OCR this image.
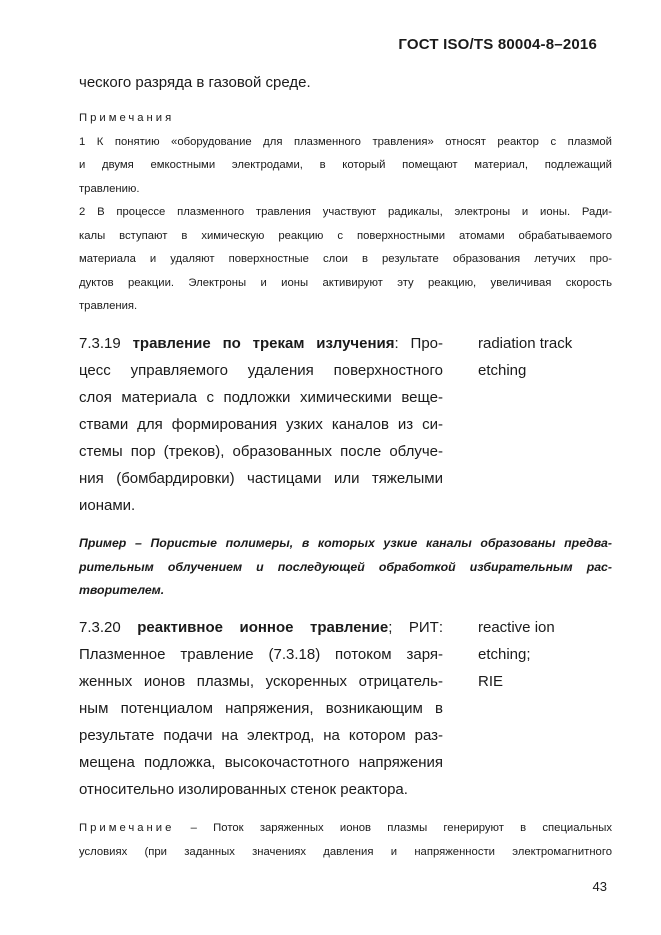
ГОСТ ISO/TS 80004-8–2016
ческого разряда в газовой среде.
Примечания
1 К понятию «оборудование для плазменного травления» относят реактор с плазмой
и двумя емкостными электродами, в который помещают материал, подлежащий
травлению.
2 В процессе плазменного травления участвуют радикалы, электроны и ионы. Ради-
калы вступают в химическую реакцию с поверхностными атомами обрабатываемого
материала и удаляют поверхностные слои в результате образования летучих про-
дуктов реакции. Электроны и ионы активируют эту реакцию, увеличивая скорость
травления.
7.3.19 травление по трекам излучения: Про-
цесс управляемого удаления поверхностного
слоя материала с подложки химическими веще-
ствами для формирования узких каналов из си-
стемы пор (треков), образованных после облуче-
ния (бомбардировки) частицами или тяжелыми
ионами.
radiation track
etching
Пример – Пористые полимеры, в которых узкие каналы образованы предва-
рительным облучением и последующей обработкой избирательным рас-
творителем.
7.3.20 реактивное ионное травление; РИТ:
Плазменное травление (7.3.18) потоком заря-
женных ионов плазмы, ускоренных отрицатель-
ным потенциалом напряжения, возникающим в
результате подачи на электрод, на котором раз-
мещена подложка, высокочастотного напряжения
относительно изолированных стенок реактора.
reactive ion
etching;
RIE
Примечание – Поток заряженных ионов плазмы генерируют в специальных
условиях (при заданных значениях давления и напряженности электромагнитного
43
